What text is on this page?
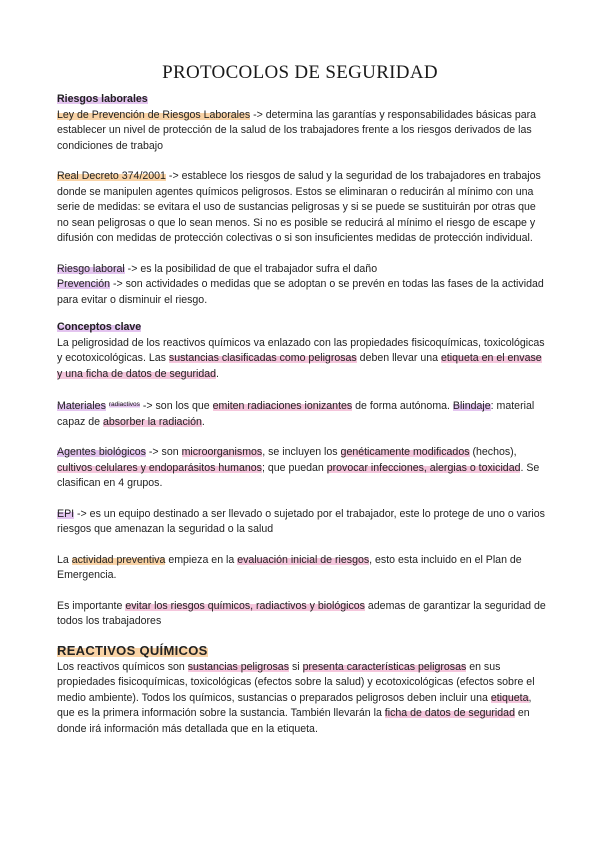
PROTOCOLOS DE SEGURIDAD

Riesgos laborales

Ley de Prevención de Riesgos Laborales -> determina las garantías y responsabilidades básicas para establecer un nivel de protección de la salud de los trabajadores frente a los riesgos derivados de las condiciones de trabajo

Real Decreto 374/2001 -> establece los riesgos de salud y la seguridad de los trabajadores en trabajos donde se manipulen agentes químicos peligrosos. Estos se eliminaran o reducirán al mínimo con una serie de medidas: se evitara el uso de sustancias peligrosas y si se puede se sustituirán por otras que no sean peligrosas o que lo sean menos. Si no es posible se reducirá al mínimo el riesgo de escape y difusión con medidas de protección colectivas o si son insuficientes medidas de protección individual.

Riesgo laboral -> es la posibilidad de que el trabajador sufra el daño

Prevención -> son actividades o medidas que se adoptan o se prevén en todas las fases de la actividad para evitar o disminuir el riesgo.

Conceptos clave

La peligrosidad de los reactivos químicos va enlazado con las propiedades fisicoquímicas, toxicológicas y ecotoxicológicas. Las sustancias clasificadas como peligrosas deben llevar una etiqueta en el envase y una ficha de datos de seguridad.

Materiales $^{radiactivos}$ -> son los que emiten radiaciones ionizantes de forma autónoma. Blindaje: material capaz de absorber la radiación.

Agentes biológicos -> son microorganismos, se incluyen los genéticamente modificados (hechos), cultivos celulares y endoparásitos humanos; que puedan provocar infecciones, alergias o toxicidad. Se clasifican en 4 grupos.

EPI -> es un equipo destinado a ser llevado o sujetado por el trabajador, este lo protege de uno o varios riesgos que amenazan la seguridad o la salud

La actividad preventiva empieza en la evaluación inicial de riesgos, esto esta incluido en el Plan de Emergencia.

Es importante evitar los riesgos químicos, radiactivos y biológicos ademas de garantizar la seguridad de todos los trabajadores

REACTIVOS QUÍMICOS

Los reactivos químicos son sustancias peligrosas si presenta características peligrosas en sus propiedades fisicoquímicas, toxicológicas (efectos sobre la salud) y ecotoxicológicas (efectos sobre el medio ambiente). Todos los químicos, sustancias o preparados peligrosos deben incluir una etiqueta, que es la primera información sobre la sustancia. También llevarán la ficha de datos de seguridad en donde irá información más detallada que en la etiqueta.
